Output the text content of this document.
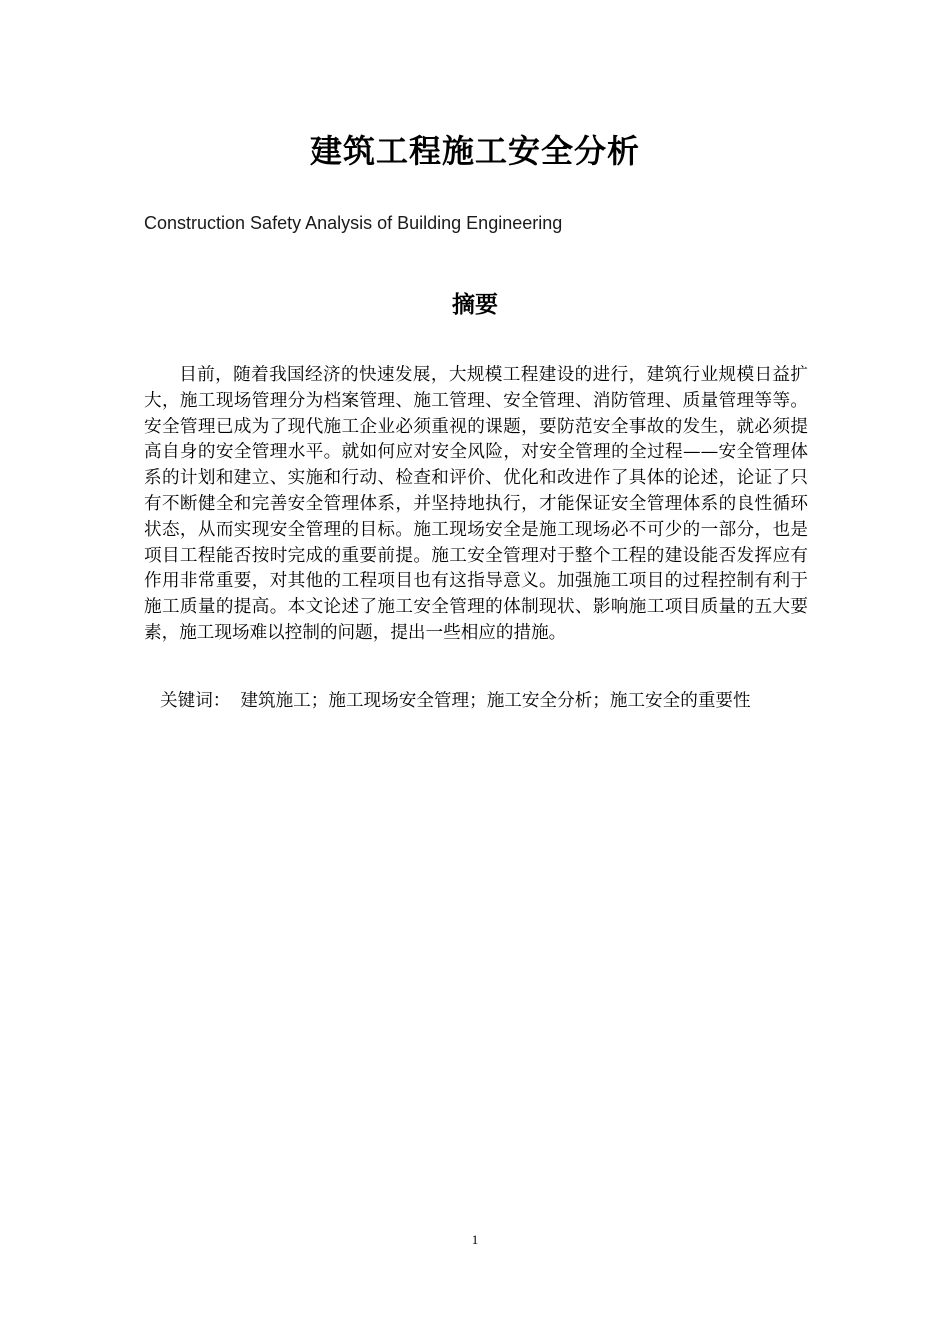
建筑工程施工安全分析

Construction Safety Analysis of Building Engineering

摘要

目前，随着我国经济的快速发展，大规模工程建设的进行，建筑行业规模日益扩大，施工现场管理分为档案管理、施工管理、安全管理、消防管理、质量管理等等。安全管理已成为了现代施工企业必须重视的课题，要防范安全事故的发生，就必须提高自身的安全管理水平。就如何应对安全风险，对安全管理的全过程——安全管理体系的计划和建立、实施和行动、检查和评价、优化和改进作了具体的论述，论证了只有不断健全和完善安全管理体系，并坚持地执行，才能保证安全管理体系的良性循环状态，从而实现安全管理的目标。施工现场安全是施工现场必不可少的一部分，也是项目工程能否按时完成的重要前提。施工安全管理对于整个工程的建设能否发挥应有作用非常重要，对其他的工程项目也有这指导意义。加强施工项目的过程控制有利于施工质量的提高。本文论述了施工安全管理的体制现状、影响施工项目质量的五大要素，施工现场难以控制的问题，提出一些相应的措施。

关键词： 建筑施工；施工现场安全管理；施工安全分析；施工安全的重要性

1
